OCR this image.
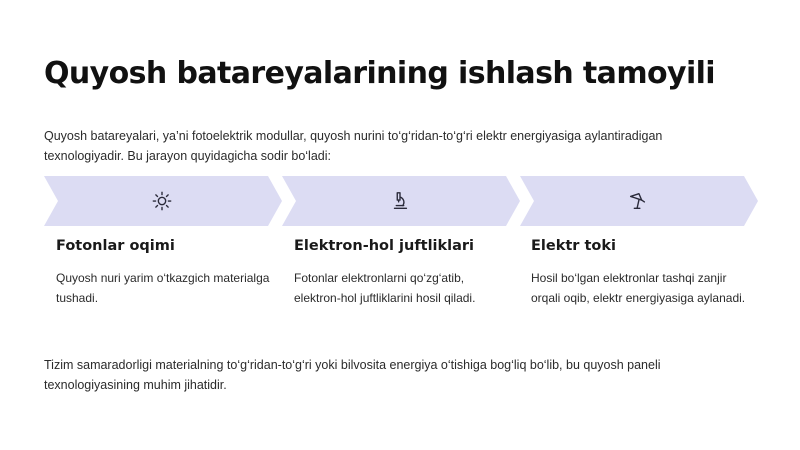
Quyosh batareyalarining ishlash tamoyili

Quyosh batareyalari, ya’ni fotoelektrik modullar, quyosh nurini to‘g‘ridan-to‘g‘ri elektr energiyasiga aylantiradigan texnologiyadir. Bu jarayon quyidagicha sodir bo‘ladi:

Fotonlar oqimi

Quyosh nuri yarim o‘tkazgich materialga tushadi.

Elektron-hol juftliklari

Fotonlar elektronlarni qo‘zg‘atib, elektron-hol juftliklarini hosil qiladi.

Elektr toki

Hosil bo‘lgan elektronlar tashqi zanjir orqali oqib, elektr energiyasiga aylanadi.

Tizim samaradorligi materialning to‘g‘ridan-to‘g‘ri yoki bilvosita energiya o‘tishiga bog‘liq bo‘lib, bu quyosh paneli texnologiyasining muhim jihatidir.
